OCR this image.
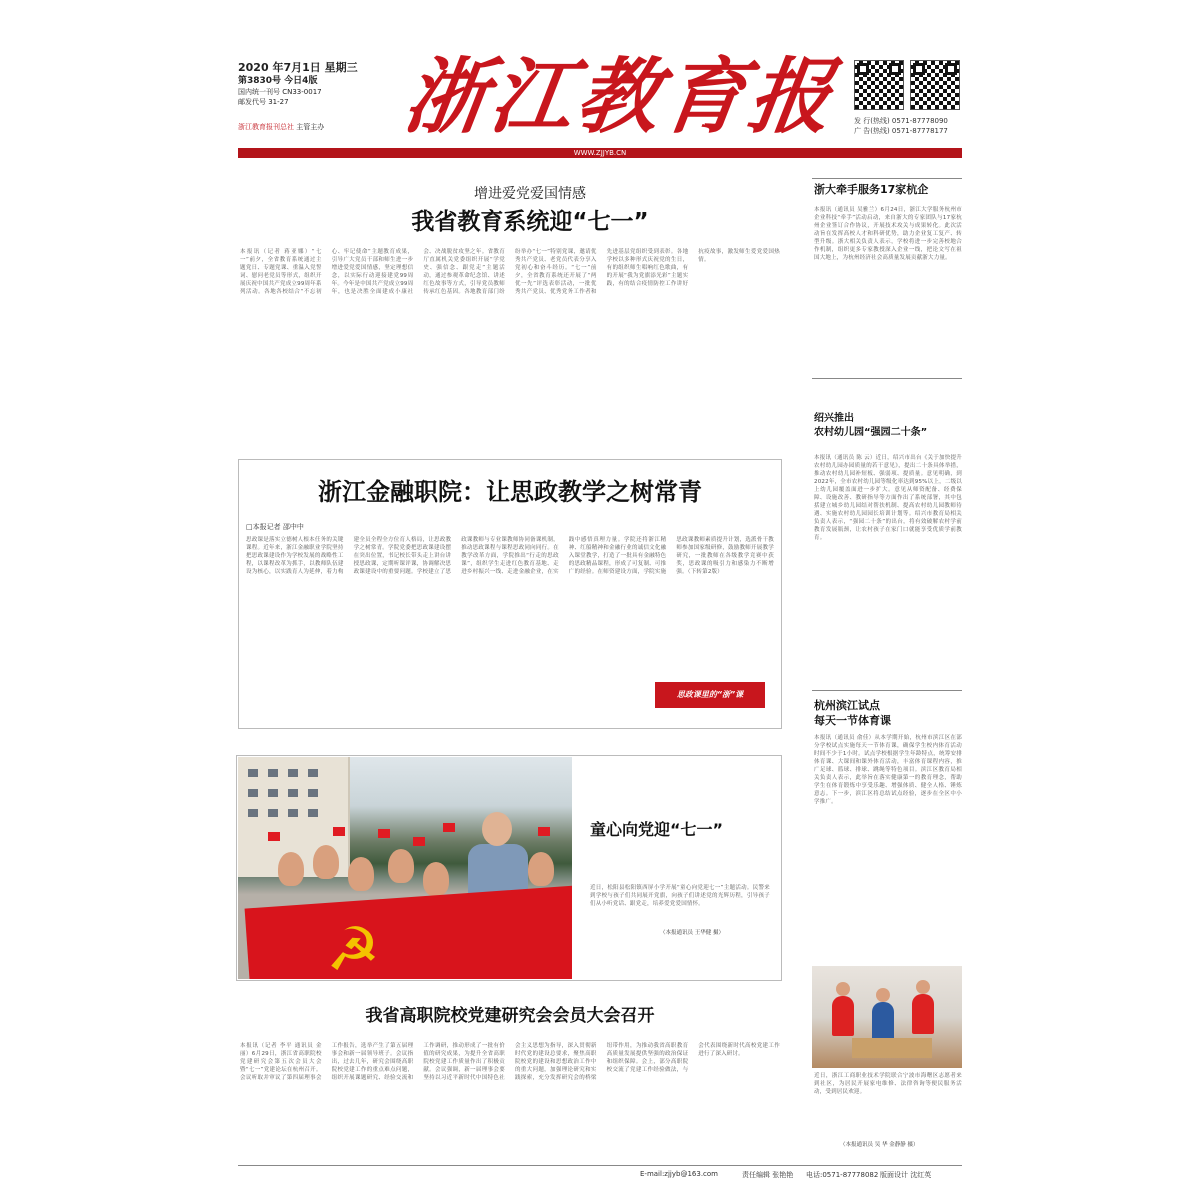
2020 年7月1日 星期三
第3830号 今日4版
国内统一刊号 CN33-0017
邮发代号 31-27
浙江教育报刊总社 主管主办 浙江教育报 发 行(热线) 0571-87778090
广 告(热线) 0571-87778177
WWW.ZJJYB.CN
增进爱党爱国情感
我省教育系统迎“七一”
本报讯（记者 蒋亚娜）“七一”前夕，全省教育系统通过主题党日、专题党课、重温入党誓词、慰问老党员等形式，组织开展庆祝中国共产党成立99周年系列活动。各地各校结合“不忘初心、牢记使命”主题教育成果，引导广大党员干部和师生进一步增进爱党爱国情感，坚定理想信念，以实际行动迎接建党99周年。今年是中国共产党成立99周年，也是决胜全面建成小康社会、决战脱贫攻坚之年。省教育厅直属机关党委组织开展“学党史、强信念、跟党走”主题活动，通过参观革命纪念馆、讲述红色故事等方式，引导党员教师传承红色基因。各地教育部门纷纷举办“七一”特别党课，邀请优秀共产党员、老党员代表分享入党初心和奋斗经历。“七一”前夕，全省教育系统还开展了“两优一先”评选表彰活动，一批优秀共产党员、优秀党务工作者和先进基层党组织受到表彰。各地学校以多种形式庆祝党的生日，有的组织师生唱响红色歌曲，有的开展“我为党旗添光彩”主题实践，有的结合疫情防控工作讲好抗疫故事，激发师生爱党爱国热情。
浙江金融职院：让思政教学之树常青
□本报记者 邵中中
思政课是落实立德树人根本任务的关键课程。近年来，浙江金融职业学院坚持把思政课建设作为学校发展的战略性工程，以课程改革为抓手，以教师队伍建设为核心，以实践育人为延伸，着力构建全员全程全方位育人格局，让思政教学之树常青。学院党委把思政课建设摆在突出位置，书记校长带头走上讲台讲授思政课，定期听课评课，协调解决思政课建设中的重要问题。学校建立了思政课教师与专业课教师协同备课机制，推动思政课程与课程思政同向同行。在教学改革方面，学院推出“行走的思政课”，组织学生走进红色教育基地、走进乡村振兴一线、走进金融企业，在实践中感悟真理力量。学院还将浙江精神、红船精神和金融行业的诚信文化融入课堂教学，打造了一批具有金融特色的思政精品课程，形成了可复制、可推广的经验。在师资建设方面，学院实施思政课教师素质提升计划，选派骨干教师参加国家级研修，鼓励教师开展教学研究，一批教师在各级教学竞赛中获奖，思政课的吸引力和感染力不断增强。（下转第2版）
思政课里的“浙”课
☭
童心向党迎“七一”
近日，松阳县松阳镇西屏小学开展“童心向党迎七一”主题活动。民警来到学校与孩子们共同展开党旗，向孩子们讲述党的光辉历程，引导孩子们从小听党话、跟党走，培养爱党爱国情怀。
（本报通讯员 王华健 摄）
我省高职院校党建研究会会员大会召开
本报讯（记者 李平 通讯员 金丽）6月29日，浙江省高职院校党建研究会第五次会员大会暨“七一”党建论坛在杭州召开。会议听取并审议了第四届理事会工作报告，选举产生了第五届理事会和新一届领导班子。会议指出，过去几年，研究会围绕高职院校党建工作的重点难点问题，组织开展课题研究、经验交流和工作调研，推动形成了一批有价值的研究成果，为提升全省高职院校党建工作质量作出了积极贡献。会议强调，新一届理事会要坚持以习近平新时代中国特色社会主义思想为指导，深入贯彻新时代党的建设总要求，聚焦高职院校党的建设和思想政治工作中的重大问题，加强理论研究和实践探索，充分发挥研究会的桥梁纽带作用，为推动我省高职教育高质量发展提供坚强的政治保证和组织保障。会上，部分高职院校交流了党建工作经验做法，与会代表围绕新时代高校党建工作进行了深入研讨。
浙大牵手服务17家杭企
本报讯（通讯员 吴雅兰）6月24日，浙江大学服务杭州市企业科技“牵手”活动启动，来自浙大的专家团队与17家杭州企业签订合作协议，开展技术攻关与成果转化。此次活动旨在发挥高校人才和科研优势，助力企业复工复产、转型升级。浙大相关负责人表示，学校将进一步完善校地合作机制，组织更多专家教授深入企业一线，把论文写在祖国大地上，为杭州经济社会高质量发展贡献浙大力量。
绍兴推出
农村幼儿园“强园二十条”
本报讯（通讯员 陈 云）近日，绍兴市出台《关于加快提升农村幼儿园办园质量的若干意见》，提出二十条具体举措，推动农村幼儿园补短板、强弱项、提质量。意见明确，到2022年，全市农村幼儿园等级化率达到95%以上，二级以上幼儿园覆盖面进一步扩大。意见从师资配备、经费保障、设施改善、教研指导等方面作出了系统部署，其中包括建立城乡幼儿园结对帮扶机制、提高农村幼儿园教师待遇、实施农村幼儿园园长培训计划等。绍兴市教育局相关负责人表示，“强园二十条”的出台，将有效破解农村学前教育发展瓶颈，让农村孩子在家门口就能享受优质学前教育。
杭州滨江试点
每天一节体育课
本报讯（通讯员 俞佳）从本学期开始，杭州市滨江区在部分学校试点实施每天一节体育课，确保学生校内体育活动时间不少于1小时。试点学校根据学生年龄特点，统筹安排体育课、大课间和课外体育活动，丰富体育课程内容，推广足球、篮球、排球、跳绳等特色项目。滨江区教育局相关负责人表示，此举旨在落实健康第一的教育理念，帮助学生在体育锻炼中享受乐趣、增强体质、健全人格、锤炼意志。下一步，滨江区将总结试点经验，逐步在全区中小学推广。
近日，浙江工商职业技术学院联合宁波市海曙区志愿者来到社区，为居民开展家电维修、法律咨询等便民服务活动，受到居民欢迎。
（本报通讯员 吴 华 金静静 摄）
E-mail:zjjyb@163.com	责任编辑 张艳艳 电话:0571-87778082 版面设计 沈红英
